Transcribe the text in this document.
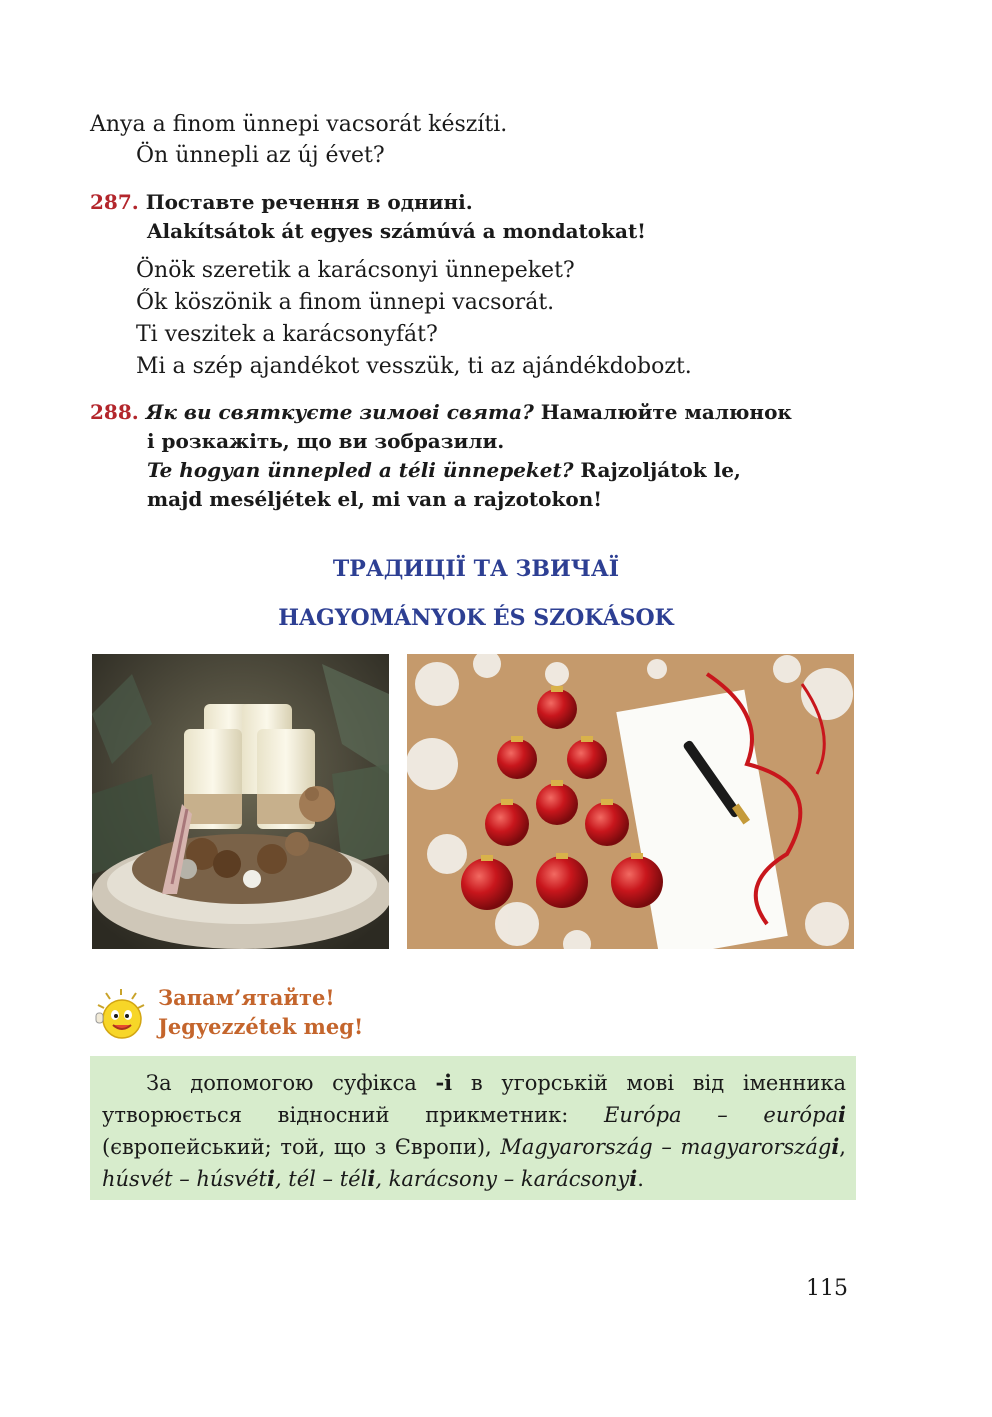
Anya a finom ünnepi vacsorát készíti.
Ön ünnepli az új évet?
287. Поставте речення в однині.
Alakítsátok át egyes számúvá a mondatokat!
Önök szeretik a karácsonyi ünnepeket?
Ők köszönik a finom ünnepi vacsorát.
Ti veszitek a karácsonyfát?
Mi a szép ajandékot vesszük, ti az ajándékdobozt.
288. Як ви святкуєте зимові свята? Намалюйте малюнок
і розкажіть, що ви зобразили.
Te hogyan ünnepled a téli ünnepeket? Rajzoljátok le,
majd meséljétek el, mi van a rajzotokon!
ТРАДИЦІЇ ТА ЗВИЧАЇ
HAGYOMÁNYOK ÉS SZOKÁSOK
Запам’ятайте!
Jegyezzétek meg!
За допомогою суфікса -i в угорській мові від іменника утворюється відносний прикметник: Európa – európai (європейський; той, що з Європи), Magyarország – magyarországi, húsvét – húsvéti, tél – téli, karácsony – karácsonyi.
115
